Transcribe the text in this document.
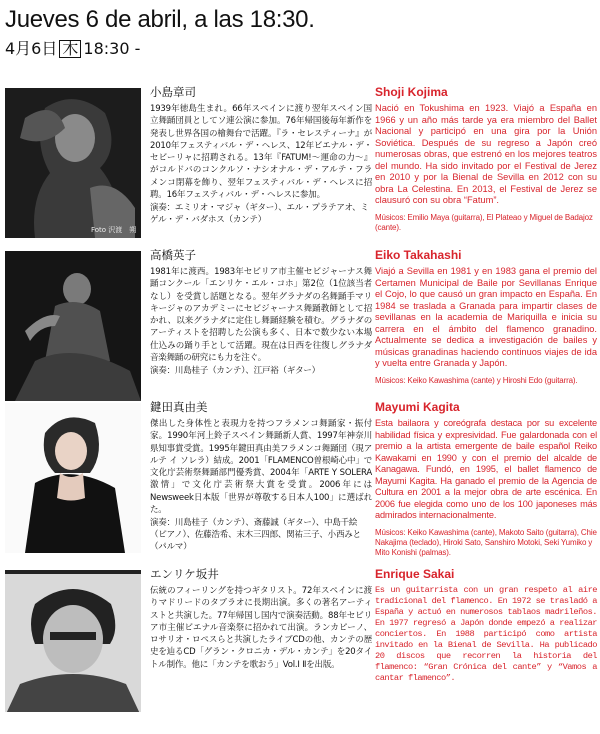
Jueves 6 de abril, a las 18:30.
4月6日 木 18:30 -
Foto 沢渡　朔
小島章司
1939年徳島生まれ。66年スペインに渡り翌年スペイン国立舞踊団員としてソ連公演に参加。76年帰国後毎年新作を発表し世界各国の檜舞台で活躍。『ラ・セレスティーナ』が2010年フェスティバル・デ・ヘレス、12年ビエナル・デ・セビーリャに招聘される。13年『FATUM!〜運命の力〜』がコルドバのコンクルソ・ナシオナル・デ・アルテ・フラメンコ閉幕を飾り、翌年フェスティバル・デ・ヘレスに招聘。16年フェスティバル・デ・ヘレスに参加。
演奏：エミリオ・マジャ（ギター）、エル・プラテアオ、ミゲル・デ・バダホス（カンテ）
Shoji Kojima
Nació en Tokushima en 1923. Viajó a España en 1966 y un año más tarde ya era miembro del Ballet Nacional y participó en una gira por la Unión Soviética. Después de su regreso a Japón creó numerosas obras, que estrenó en los mejores teatros del mundo. Ha sido invitado por el Festival de Jerez en 2010 y por la Bienal de Sevilla en 2012 con su obra La Celestina. En 2013, el Festival de Jerez se clausuró con su obra “Fatum”.
Músicos: Emilio Maya (guitarra), El Plateao y Miguel de Badajoz (cante).
高橋英子
1981年に渡西。1983年セビリア市主催セビジャーナス舞踊コンクール「エンリケ・エル・コホ」第2位（1位該当者なし）を受賞し話題となる。翌年グラナダの名舞踊手マリキージャのアカデミーにセビジャーナス舞踊教師として招かれ、以来グラナダに定住し舞踊経験を積む。グラナダのアーティストを招聘した公演も多く、日本で数少ない本場仕込みの踊り手として活躍。現在は日西を往復しグラナダ音楽舞踊の研究にも力を注ぐ。
演奏：川島桂子（カンテ）、江戸裕（ギター）
Eiko Takahashi
Viajó a Sevilla en 1981 y en 1983 gana el premio del Certamen Municipal de Baile por Sevillanas Enrique el Cojo, lo que causó un gran impacto en España. En 1984 se traslada a Granada para impartir clases de sevillanas en la academia de Mariquilla e inicia su carrera en el ámbito del flamenco granadino. Actualmente se dedica a investigación de bailes y músicas granadinas haciendo continuos viajes de ida y vuelta entre Granada y Japón.
Músicos: Keiko Kawashima (cante) y Hiroshi Edo (guitarra).
鍵田真由美
傑出した身体性と表現力を持つフラメンコ舞踊家・振付家。1990年河上鈴子スペイン舞踊新人賞、1997年神奈川県知事賞受賞。1995年鍵田真由美フラメンコ舞踊団（現アルテ イ ソレラ）結成。2001「FLAMENCO曽根崎心中」で文化庁芸術祭舞踊部門優秀賞、2004年「ARTE Y SOLERA 激情」で文化庁芸術祭大賞を受賞。2006年にはNewsweek日本版「世界が尊敬する日本人100」に選ばれた。
演奏：川島桂子（カンテ）、斎藤誠（ギター）、中島千絵（ピアノ）、佐藤浩希、末木三四郎、関祐三子、小西みと（パルマ）
Mayumi Kagita
Esta bailaora y coreógrafa destaca por su excelente habilidad física y expresividad. Fue galardonada con el premio a la artista emergente de baile español Reiko Kawakami en 1990 y con el premio del alcalde de Kanagawa. Fundó, en 1995, el ballet flamenco de Mayumi Kagita. Ha ganado el premio de la Agencia de Cultura en 2001 a la mejor obra de arte escénica. En 2006 fue elegida como uno de los 100 japoneses más admirados internacionalmente.
Músicos: Keiko Kawashima (cante), Makoto Saito (guitarra), Chie Nakajima (teclado), Hiroki Sato, Sanshiro Motoki, Seki Yumiko y Mito Konishi (palmas).
エンリケ坂井
伝統のフィーリングを持つギタリスト。72年スペインに渡りマドリードのタブラオに長期出演。多くの著名アーティストと共演した。77年帰国し国内で演奏活動。88年セビリア市主催ビエナル音楽祭に招かれて出演。ランカピーノ、ロサリオ・ロペスらと共演したライブCDの他、カンテの歴史を辿るCD「グラン・クロニカ・デル・カンテ」を20タイトル制作。他に「カンテを歌おう」Vol.Ⅰ Ⅱを出版。
Enrique Sakai
Es un guitarrista con un gran respeto al aire tradicional del flamenco. En 1972 se trasladó a España y actuó en numerosos tablaos madrileños. En 1977 regresó a Japón donde empezó a realizar conciertos. En 1988 participó como artista invitado en la Bienal de Sevilla. Ha publicado 20 discos que recorren la historia del flamenco: “Gran Crónica del cante” y “Vamos a cantar flamenco”.
